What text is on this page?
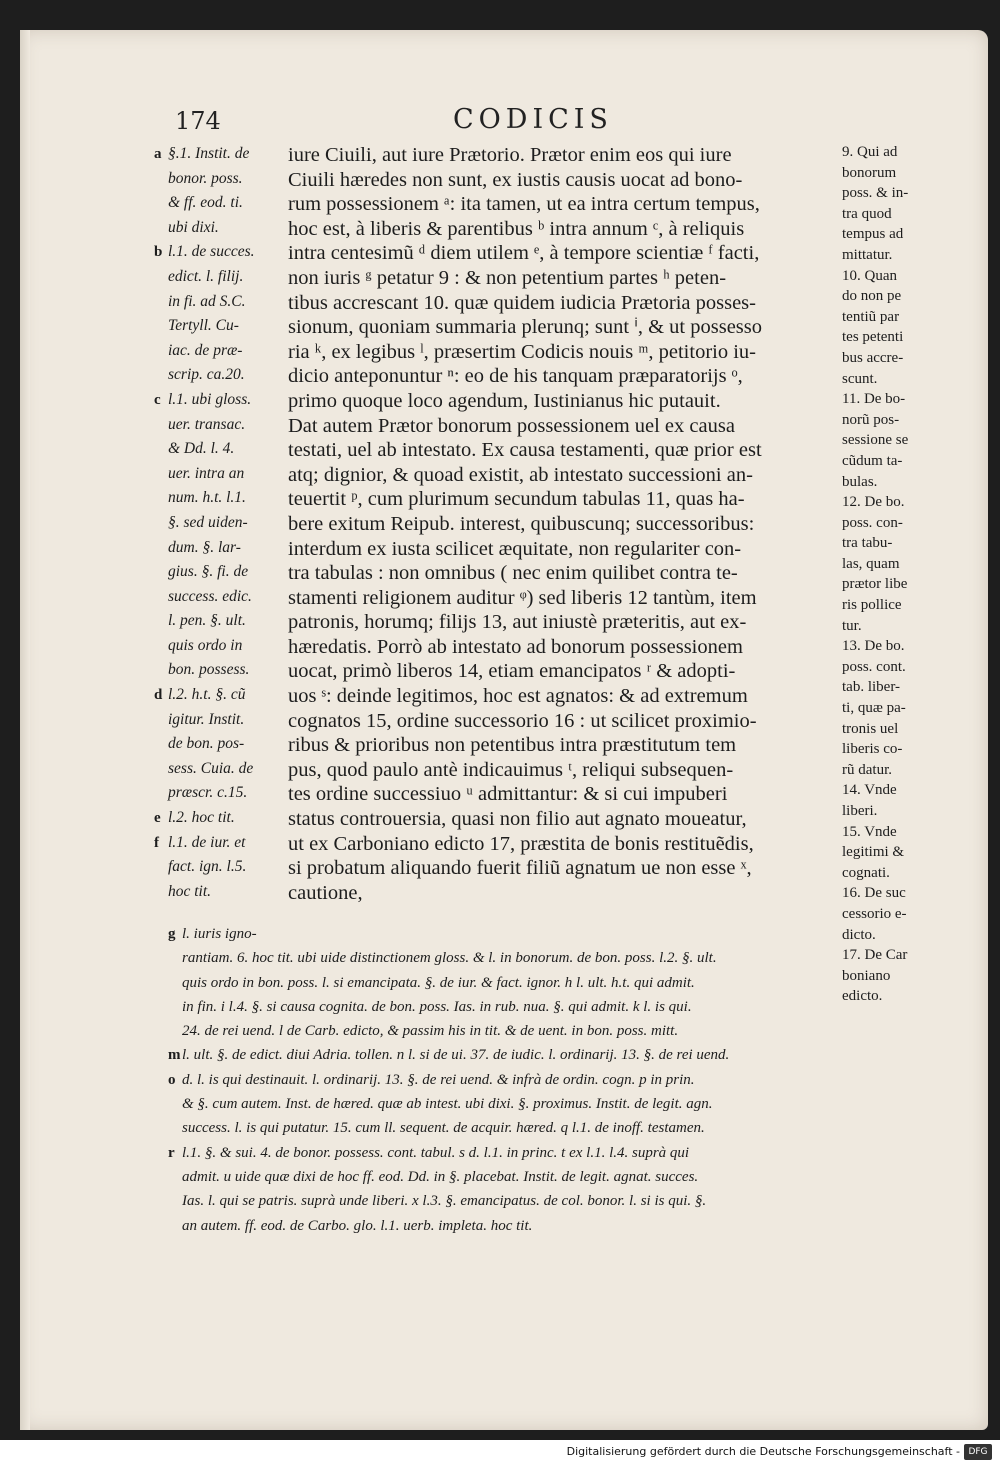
174	CODICIS
a §.1. Instit. de
bonor. poss.
& ff. eod. ti.
ubi dixi.
b l.1. de succes.
edict. l. filij.
in fi. ad S.C.
Tertyll. Cu-
iac. de præ-
scrip. ca.20.
c l.1. ubi gloss.
uer. transac.
& Dd. l. 4.
uer. intra an
num. h.t. l.1.
§. sed uiden-
dum. §. lar-
gius. §. fi. de
success. edic.
l. pen. §. ult.
quis ordo in
bon. possess.
d l.2. h.t. §. cũ
igitur. Instit.
de bon. pos-
sess. Cuia. de
præscr. c.15.
e l.2. hoc tit.
f l.1. de iur. et
fact. ign. l.5.
hoc tit.
iure Ciuili, aut iure Prætorio. Prætor enim eos qui iure
Ciuili hæredes non sunt, ex iustis causis uocat ad bono-
rum possessionem ᵃ: ita tamen, ut ea intra certum tempus,
hoc est, à liberis & parentibus ᵇ intra annum ᶜ, à reliquis
intra centesimũ ᵈ diem utilem ᵉ, à tempore scientiæ ᶠ facti,
non iuris ᵍ petatur 9 : & non petentium partes ʰ peten-
tibus accrescant 10. quæ quidem iudicia Prætoria posses-
sionum, quoniam summaria plerunq; sunt ⁱ, & ut possesso
ria ᵏ, ex legibus ˡ, præsertim Codicis nouis ᵐ, petitorio iu-
dicio anteponuntur ⁿ: eo de his tanquam præparatorijs ᵒ,
primo quoque loco agendum, Iustinianus hic putauit.
Dat autem Prætor bonorum possessionem uel ex causa
testati, uel ab intestato. Ex causa testamenti, quæ prior est
atq; dignior, & quoad existit, ab intestato successioni an-
teuertit ᵖ, cum plurimum secundum tabulas 11, quas ha-
bere exitum Reipub. interest, quibuscunq; successoribus:
interdum ex iusta scilicet æquitate, non regulariter con-
tra tabulas : non omnibus ( nec enim quilibet contra te-
stamenti religionem auditur ᵠ) sed liberis 12 tantùm, item
patronis, horumq; filijs 13, aut iniustè præteritis, aut ex-
hæredatis. Porrò ab intestato ad bonorum possessionem
uocat, primò liberos 14, etiam emancipatos ʳ & adopti-
uos ˢ: deinde legitimos, hoc est agnatos: & ad extremum
cognatos 15, ordine successorio 16 : ut scilicet proximio-
ribus & prioribus non petentibus intra præstitutum tem
pus, quod paulo antè indicauimus ᵗ, reliqui subsequen-
tes ordine successiuo ᵘ admittantur: & si cui impuberi
status controuersia, quasi non filio aut agnato moueatur,
ut ex Carboniano edicto 17, præstita de bonis restituẽdis,
si probatum aliquando fuerit filiũ agnatum ue non esse ˣ,
cautione,
9. Qui ad
bonorum
poss. & in-
tra quod
tempus ad
mittatur.
10. Quan
do non pe
tentiũ par
tes petenti
bus accre-
scunt.
11. De bo-
norũ pos-
sessione se
cũdum ta-
bulas.
12. De bo.
poss. con-
tra tabu-
las, quam
prætor libe
ris pollice
tur.
13. De bo.
poss. cont.
tab. liber-
ti, quæ pa-
tronis uel
liberis co-
rũ datur.
14. Vnde
liberi.
15. Vnde
legitimi &
cognati.
16. De suc
cessorio e-
dicto.
17. De Car
boniano
edicto.
g l. iuris igno-
rantiam. 6. hoc tit. ubi uide distinctionem gloss. & l. in bonorum. de bon. poss. l.2. §. ult.
quis ordo in bon. poss. l. si emancipata. §. de iur. & fact. ignor. h l. ult. h.t. qui admit.
in fin. i l.4. §. si causa cognita. de bon. poss. Ias. in rub. nua. §. qui admit. k l. is qui.
24. de rei uend. l de Carb. edicto, & passim his in tit. & de uent. in bon. poss. mitt.
m l. ult. §. de edict. diui Adria. tollen. n l. si de ui. 37. de iudic. l. ordinarij. 13. §. de rei uend.
o d. l. is qui destinauit. l. ordinarij. 13. §. de rei uend. & infrà de ordin. cogn. p in prin.
& §. cum autem. Inst. de hæred. quæ ab intest. ubi dixi. §. proximus. Instit. de legit. agn.
success. l. is qui putatur. 15. cum ll. sequent. de acquir. hæred. q l.1. de inoff. testamen.
r l.1. §. & sui. 4. de bonor. possess. cont. tabul. s d. l.1. in princ. t ex l.1. l.4. suprà qui
admit. u uide quæ dixi de hoc ff. eod. Dd. in §. placebat. Instit. de legit. agnat. succes.
Ias. l. qui se patris. suprà unde liberi. x l.3. §. emancipatus. de col. bonor. l. si is qui. §.
an autem. ff. eod. de Carbo. glo. l.1. uerb. impleta. hoc tit.
Digitalisierung gefördert durch die Deutsche Forschungsgemeinschaft - DFG
